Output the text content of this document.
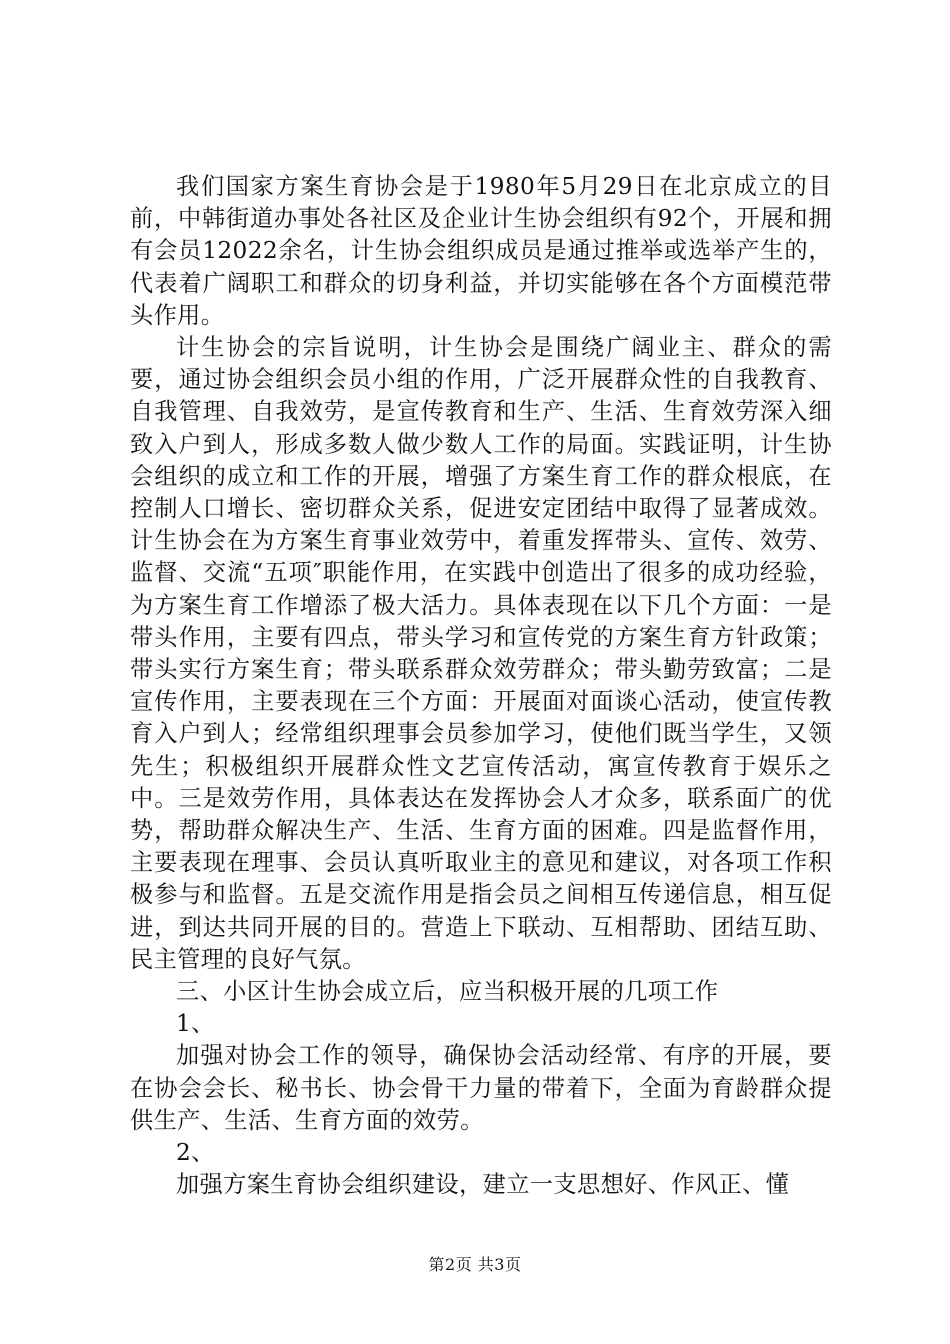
我们国家方案生育协会是于1980年5月29日在北京成立的目前，中韩街道办事处各社区及企业计生协会组织有92个，开展和拥有会员12022余名，计生协会组织成员是通过推举或选举产生的，代表着广阔职工和群众的切身利益，并切实能够在各个方面模范带头作用。

计生协会的宗旨说明，计生协会是围绕广阔业主、群众的需要，通过协会组织会员小组的作用，广泛开展群众性的自我教育、自我管理、自我效劳，是宣传教育和生产、生活、生育效劳深入细致入户到人，形成多数人做少数人工作的局面。实践证明，计生协会组织的成立和工作的开展，增强了方案生育工作的群众根底，在控制人口增长、密切群众关系，促进安定团结中取得了显著成效。计生协会在为方案生育事业效劳中，着重发挥带头、宣传、效劳、监督、交流“五项″职能作用，在实践中创造出了很多的成功经验，为方案生育工作增添了极大活力。具体表现在以下几个方面：一是带头作用，主要有四点，带头学习和宣传党的方案生育方针政策；带头实行方案生育；带头联系群众效劳群众；带头勤劳致富；二是宣传作用，主要表现在三个方面：开展面对面谈心活动，使宣传教育入户到人；经常组织理事会员参加学习，使他们既当学生，又领先生；积极组织开展群众性文艺宣传活动，寓宣传教育于娱乐之中。三是效劳作用，具体表达在发挥协会人才众多，联系面广的优势，帮助群众解决生产、生活、生育方面的困难。四是监督作用，主要表现在理事、会员认真听取业主的意见和建议，对各项工作积极参与和监督。五是交流作用是指会员之间相互传递信息，相互促进，到达共同开展的目的。营造上下联动、互相帮助、团结互助、民主管理的良好气氛。

三、小区计生协会成立后，应当积极开展的几项工作

1、

加强对协会工作的领导，确保协会活动经常、有序的开展，要在协会会长、秘书长、协会骨干力量的带着下，全面为育龄群众提供生产、生活、生育方面的效劳。

2、

加强方案生育协会组织建设，建立一支思想好、作风正、懂

第2页 共3页
